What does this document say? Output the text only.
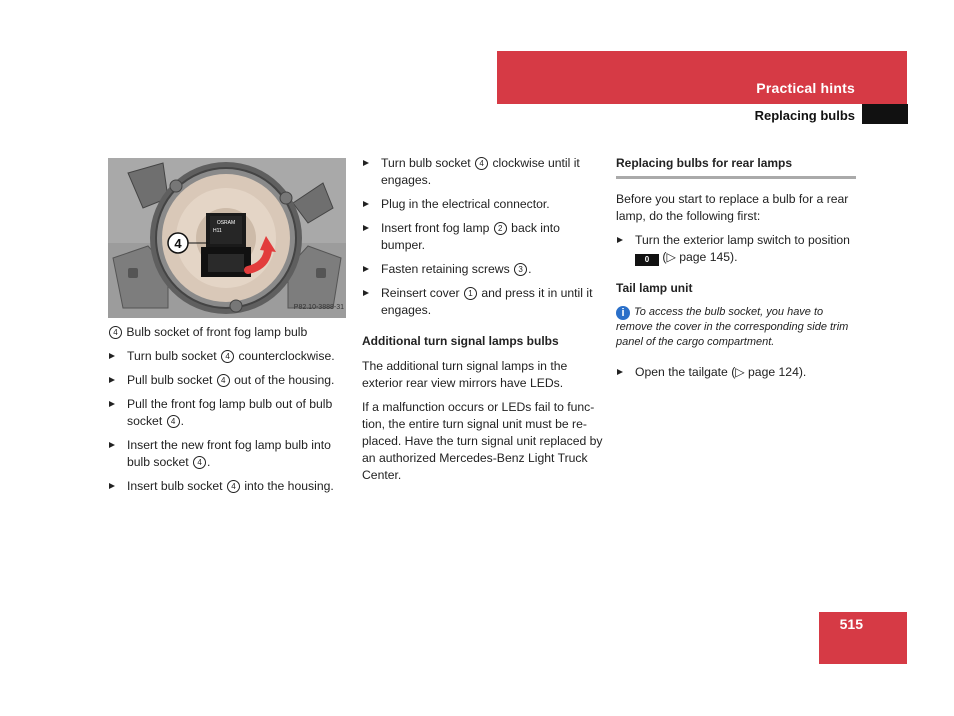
Practical hints
Replacing bulbs
OSRAM
H11
4
P82.10-3888-31

4 Bulb socket of front fog lamp bulb

Turn bulb socket 4 counterclockwise.
Pull bulb socket 4 out of the housing.
Pull the front fog lamp bulb out of bulb socket 4 .
Insert the new front fog lamp bulb into bulb socket 4 .
Insert bulb socket 4 into the housing.
Turn bulb socket 4 clockwise until it engages.
Plug in the electrical connector.
Insert front fog lamp 2 back into bumper.
Fasten retaining screws 3 .
Reinsert cover 1 and press it in until it engages.
Additional turn signal lamps bulbs

The additional turn signal lamps in the exterior rear view mirrors have LEDs.

If a malfunction occurs or LEDs fail to func-tion, the entire turn signal unit must be re-placed. Have the turn signal unit replaced by an authorized Mercedes-Benz Light Truck Center.

Replacing bulbs for rear lamps

Before you start to replace a bulb for a rear lamp, do the following first:

Turn the exterior lamp switch to position 0 (▷ page 145).
Tail lamp unit

i To access the bulb socket, you have to remove the cover in the corresponding side trim panel of the cargo compartment.

Open the tailgate (▷ page 124).
515
